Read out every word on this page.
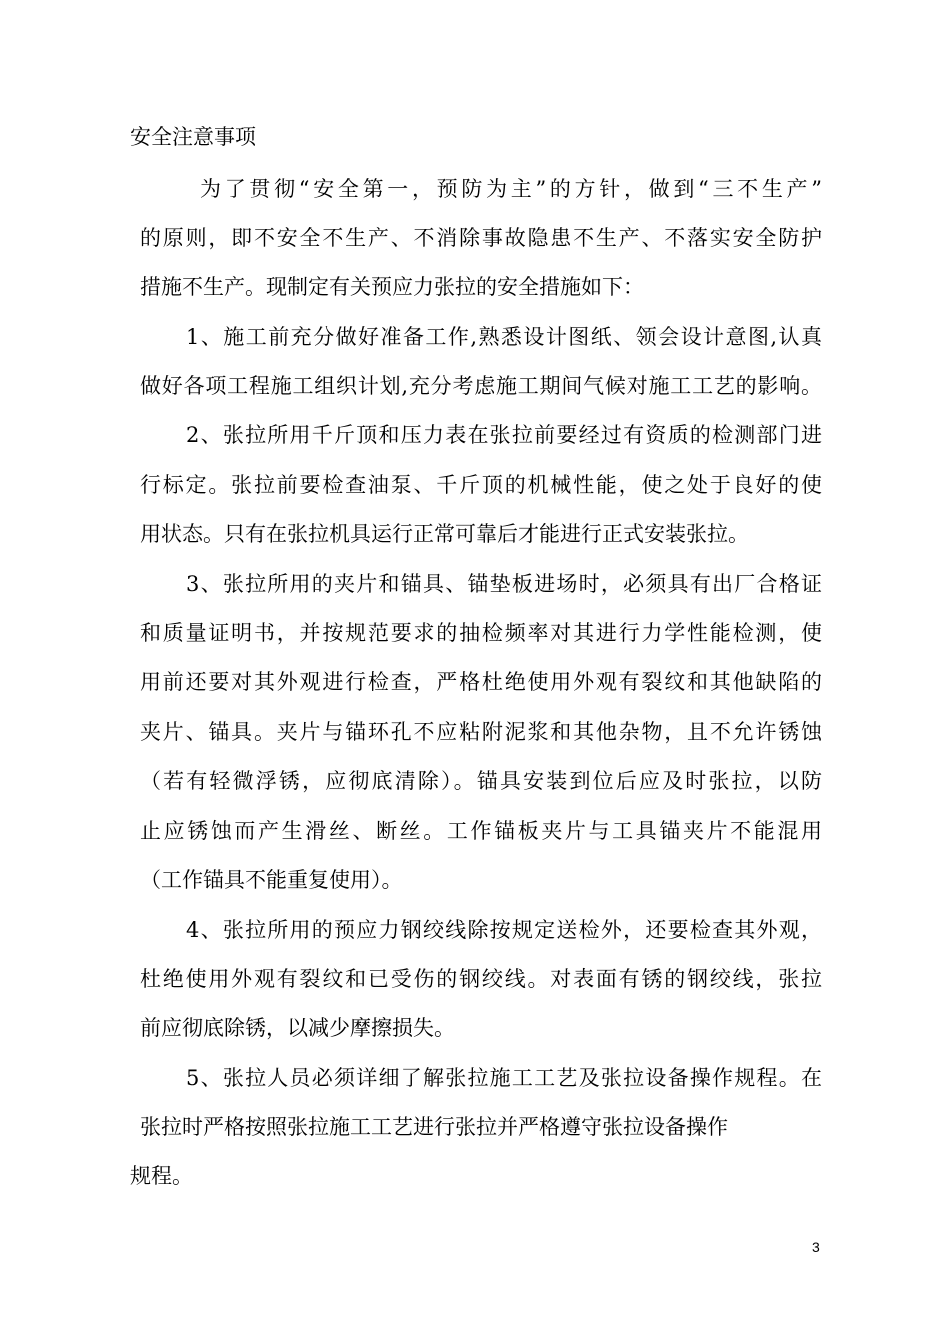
安全注意事项
为了贯彻“安全第一，预防为主”的方针，做到“三不生产”
的原则，即不安全不生产、不消除事故隐患不生产、不落实安全防护
措施不生产。现制定有关预应力张拉的安全措施如下：
1、施工前充分做好准备工作,熟悉设计图纸、领会设计意图,认真
做好各项工程施工组织计划,充分考虑施工期间气候对施工工艺的影响。
2、张拉所用千斤顶和压力表在张拉前要经过有资质的检测部门进
行标定。张拉前要检查油泵、千斤顶的机械性能，使之处于良好的使
用状态。只有在张拉机具运行正常可靠后才能进行正式安装张拉。
3、张拉所用的夹片和锚具、锚垫板进场时，必须具有出厂合格证
和质量证明书，并按规范要求的抽检频率对其进行力学性能检测，使
用前还要对其外观进行检查，严格杜绝使用外观有裂纹和其他缺陷的
夹片、锚具。夹片与锚环孔不应粘附泥浆和其他杂物，且不允许锈蚀
（若有轻微浮锈，应彻底清除）。锚具安装到位后应及时张拉，以防
止应锈蚀而产生滑丝、断丝。工作锚板夹片与工具锚夹片不能混用
（工作锚具不能重复使用）。
4、张拉所用的预应力钢绞线除按规定送检外，还要检查其外观，
杜绝使用外观有裂纹和已受伤的钢绞线。对表面有锈的钢绞线，张拉
前应彻底除锈，以减少摩擦损失。
5、张拉人员必须详细了解张拉施工工艺及张拉设备操作规程。在
张拉时严格按照张拉施工工艺进行张拉并严格遵守张拉设备操作
规程。
3
